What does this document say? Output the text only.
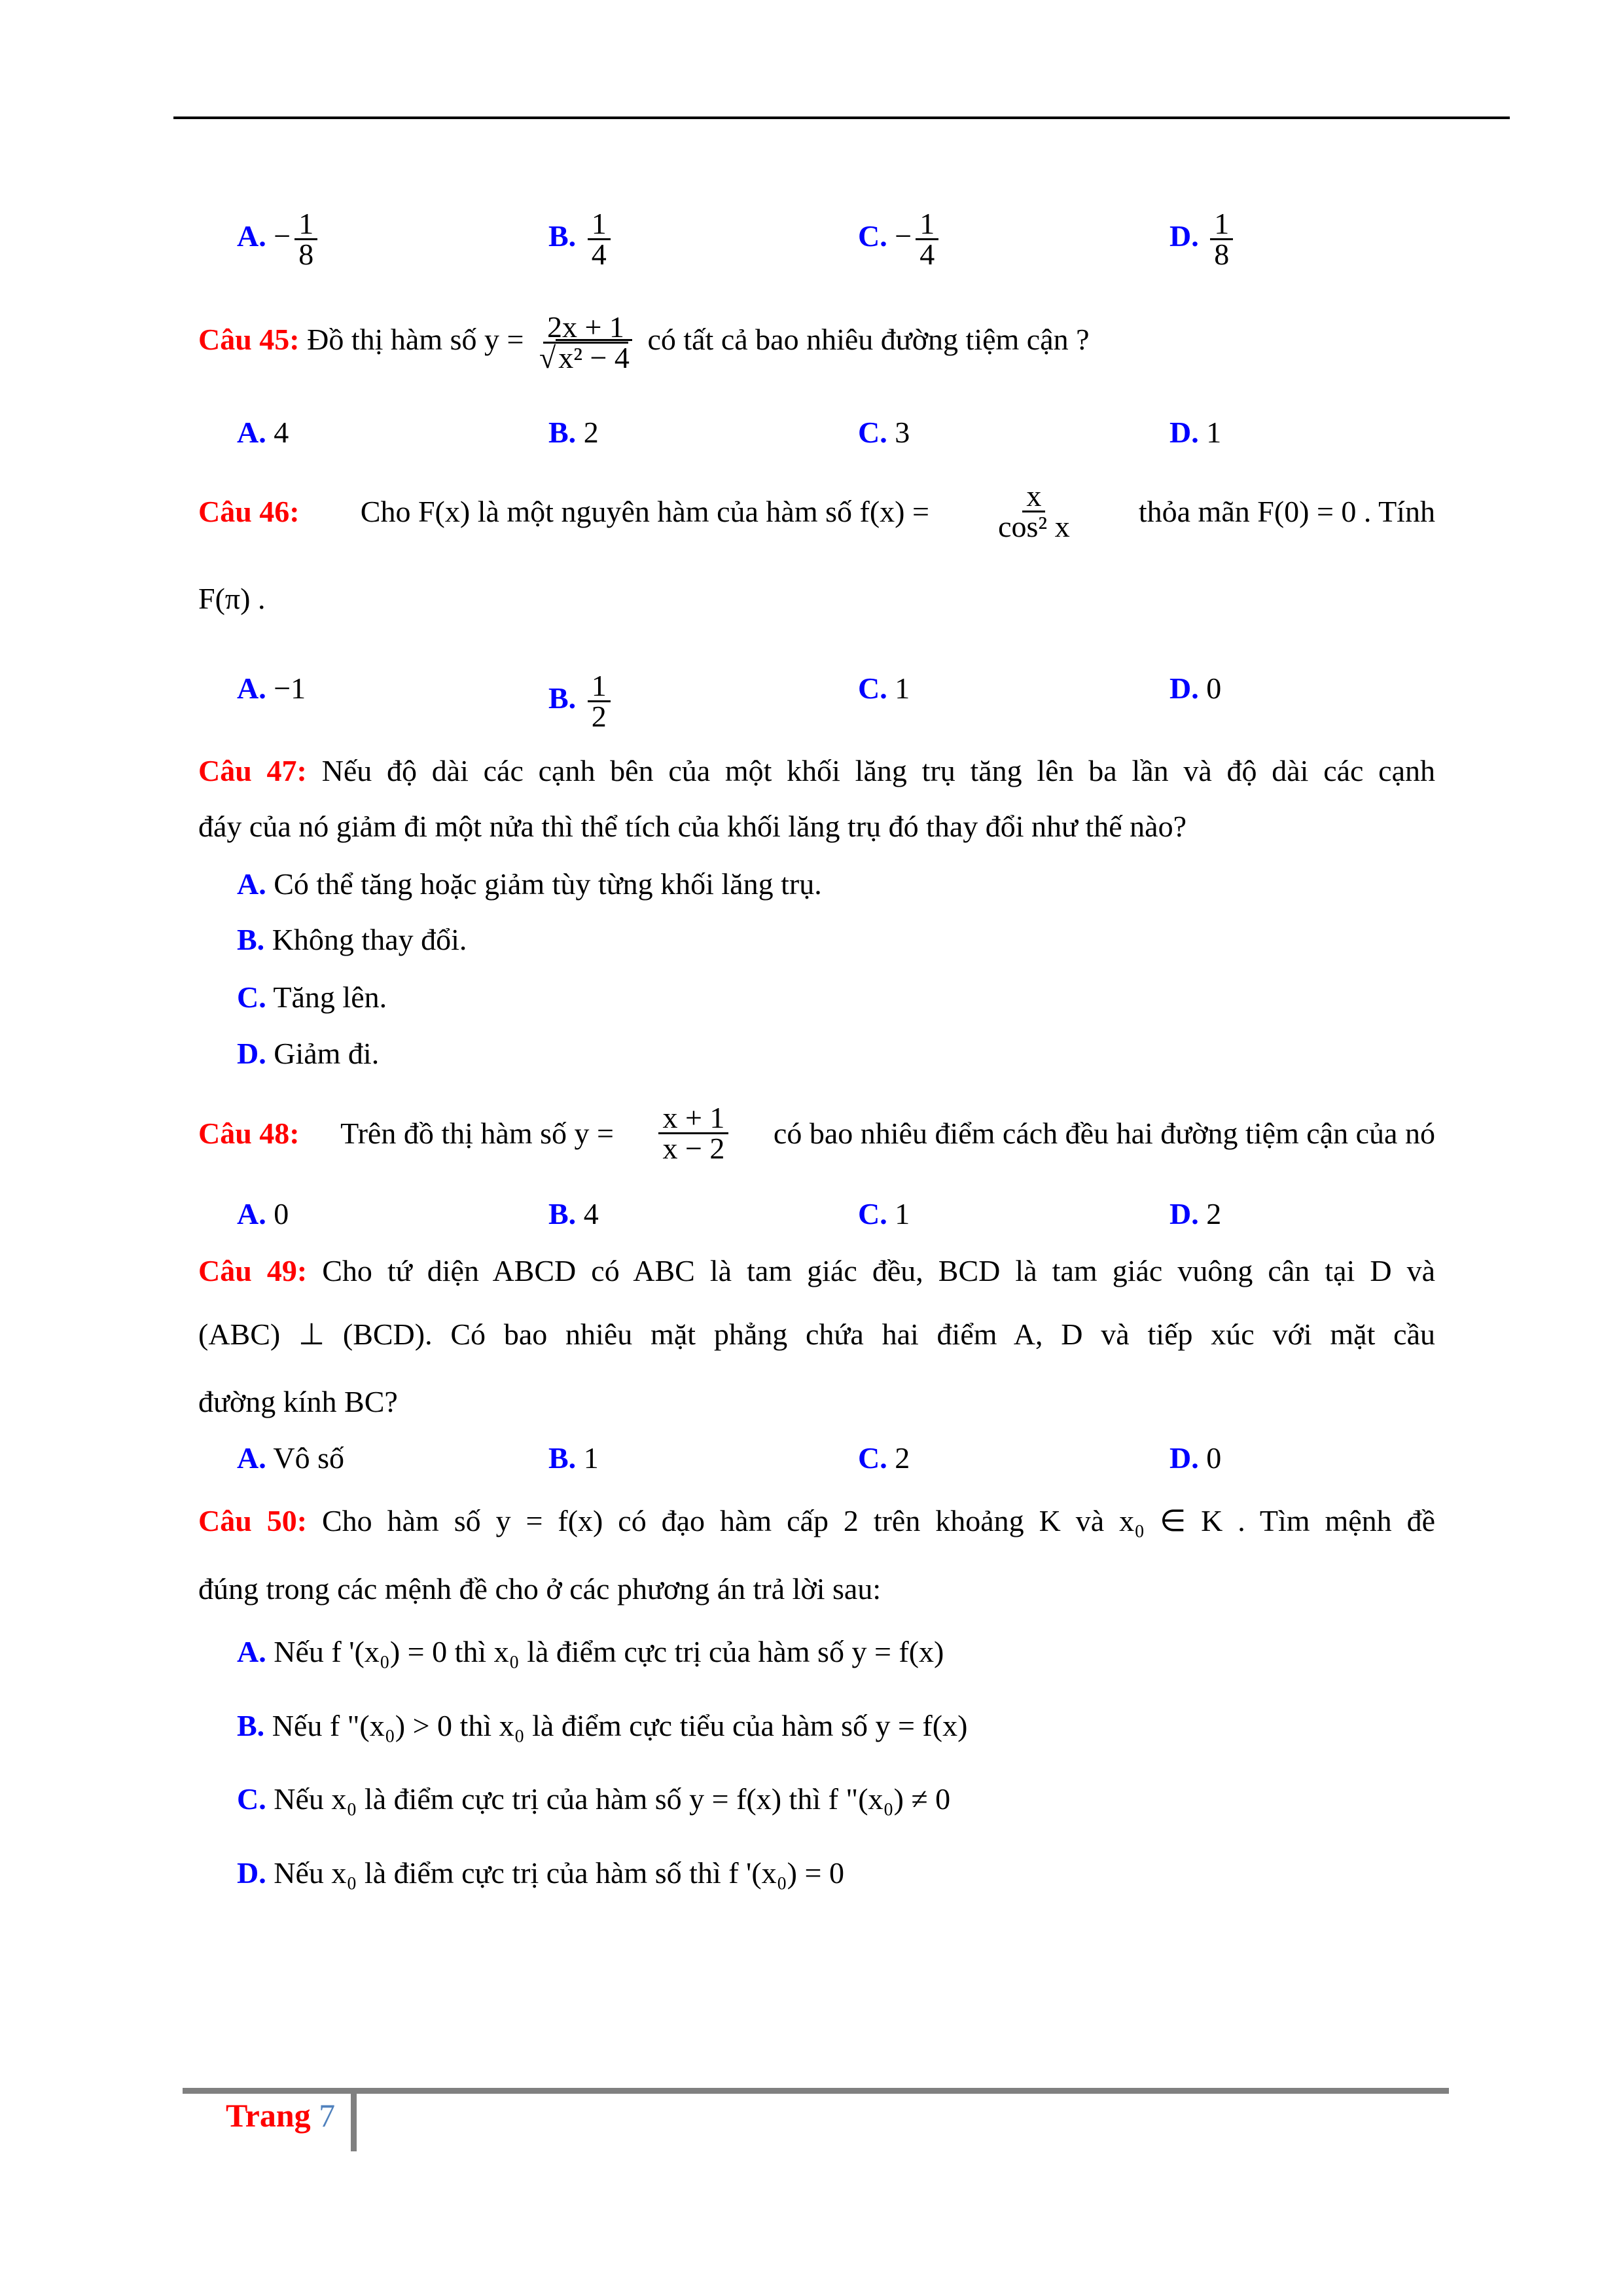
A. − $\frac{1}{8}$	B. $\frac{1}{4}$	C. − $\frac{1}{4}$	D. $\frac{1}{8}$
Câu 45: Đồ thị hàm số $y = \frac{2x + 1}{\text{√x² − 4}}$ có tất cả bao nhiêu đường tiệm cận ?
A. 4	B. 2	C. 3	D. 1
Câu 46: Cho F(x) là một nguyên hàm của hàm số $f(x) = \frac{x}{\text{cos² x}}$ thỏa mãn F(0) = 0 . Tính
F(π) .
A. −1	B. $\frac{1}{2}$	C. 1	D. 0
Câu 47: Nếu độ dài các cạnh bên của một khối lăng trụ tăng lên ba lần và độ dài các cạnh
đáy của nó giảm đi một nửa thì thể tích của khối lăng trụ đó thay đổi như thế nào?
A. Có thể tăng hoặc giảm tùy từng khối lăng trụ.
B. Không thay đổi.
C. Tăng lên.
D. Giảm đi.
Câu 48: Trên đồ thị hàm số $y = \frac{x + 1}{x - 2}$ có bao nhiêu điểm cách đều hai đường tiệm cận của nó
A. 0	B. 4	C. 1	D. 2
Câu 49: Cho tứ diện ABCD có ABC là tam giác đều, BCD là tam giác vuông cân tại D và
(ABC) ⊥ (BCD). Có bao nhiêu mặt phẳng chứa hai điểm A, D và tiếp xúc với mặt cầu
đường kính BC?
A. Vô số	B. 1	C. 2	D. 0
Câu 50: Cho hàm số y = f(x) có đạo hàm cấp 2 trên khoảng K và x₀ ∈ K . Tìm mệnh đề
đúng trong các mệnh đề cho ở các phương án trả lời sau:
A. Nếu f '(x₀) = 0 thì x₀ là điểm cực trị của hàm số y = f(x)
B. Nếu f "(x₀) > 0 thì x₀ là điểm cực tiểu của hàm số y = f(x)
C. Nếu x₀ là điểm cực trị của hàm số y = f(x) thì f "(x₀) ≠ 0
D. Nếu x₀ là điểm cực trị của hàm số thì f '(x₀) = 0
Trang 7
